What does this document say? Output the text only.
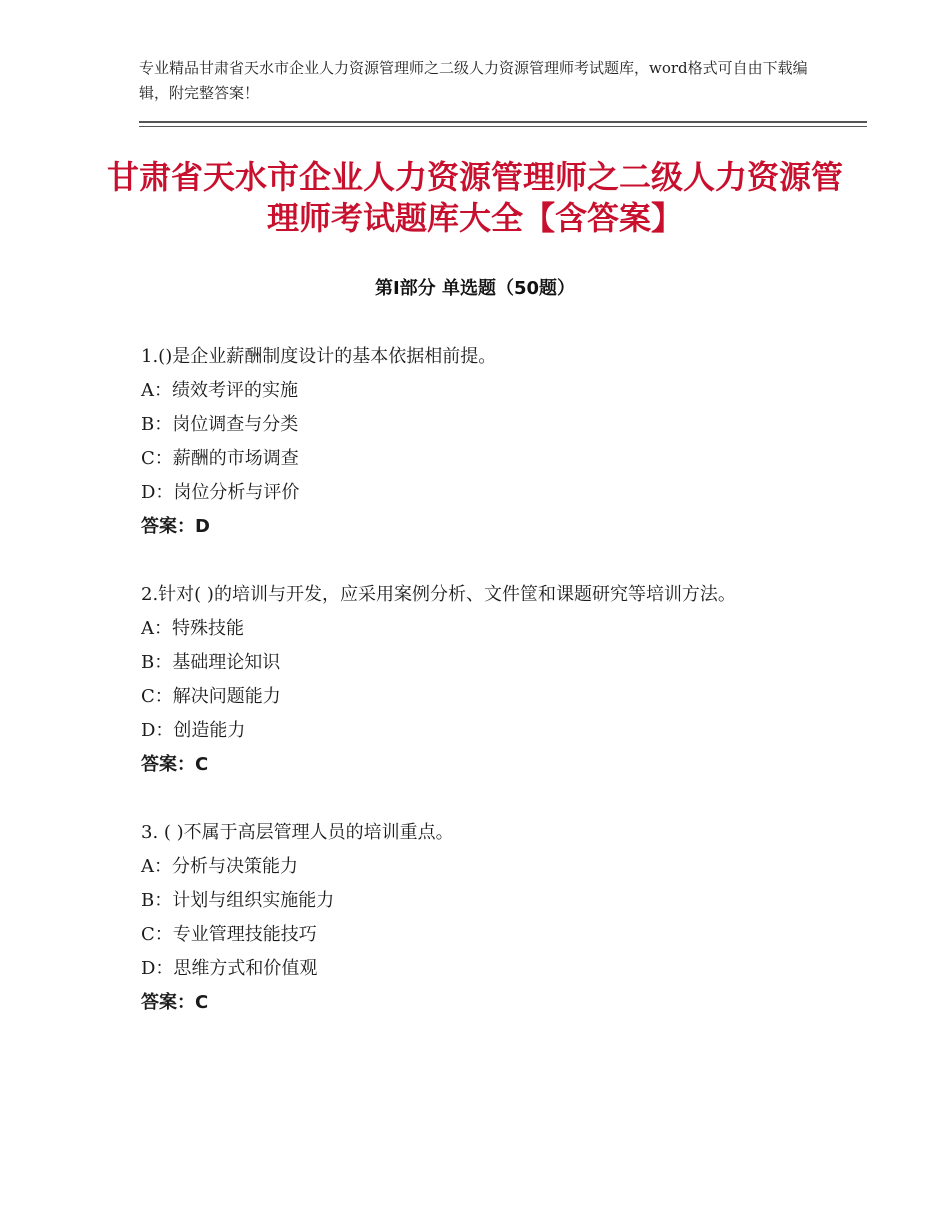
专业精品甘肃省天水市企业人力资源管理师之二级人力资源管理师考试题库，word格式可自由下载编辑，附完整答案！
甘肃省天水市企业人力资源管理师之二级人力资源管理师考试题库大全【含答案】
第Ⅰ部分 单选题（50题）

1.()是企业薪酬制度设计的基本依据相前提。

A：绩效考评的实施

B：岗位调查与分类

C：薪酬的市场调查

D：岗位分析与评价

答案：D

2.针对( )的培训与开发，应采用案例分析、文件筐和课题研究等培训方法。

A：特殊技能

B：基础理论知识

C：解决问题能力

D：创造能力

答案：C

3. ( )不属于高层管理人员的培训重点。

A：分析与决策能力

B：计划与组织实施能力

C：专业管理技能技巧

D：思维方式和价值观

答案：C
